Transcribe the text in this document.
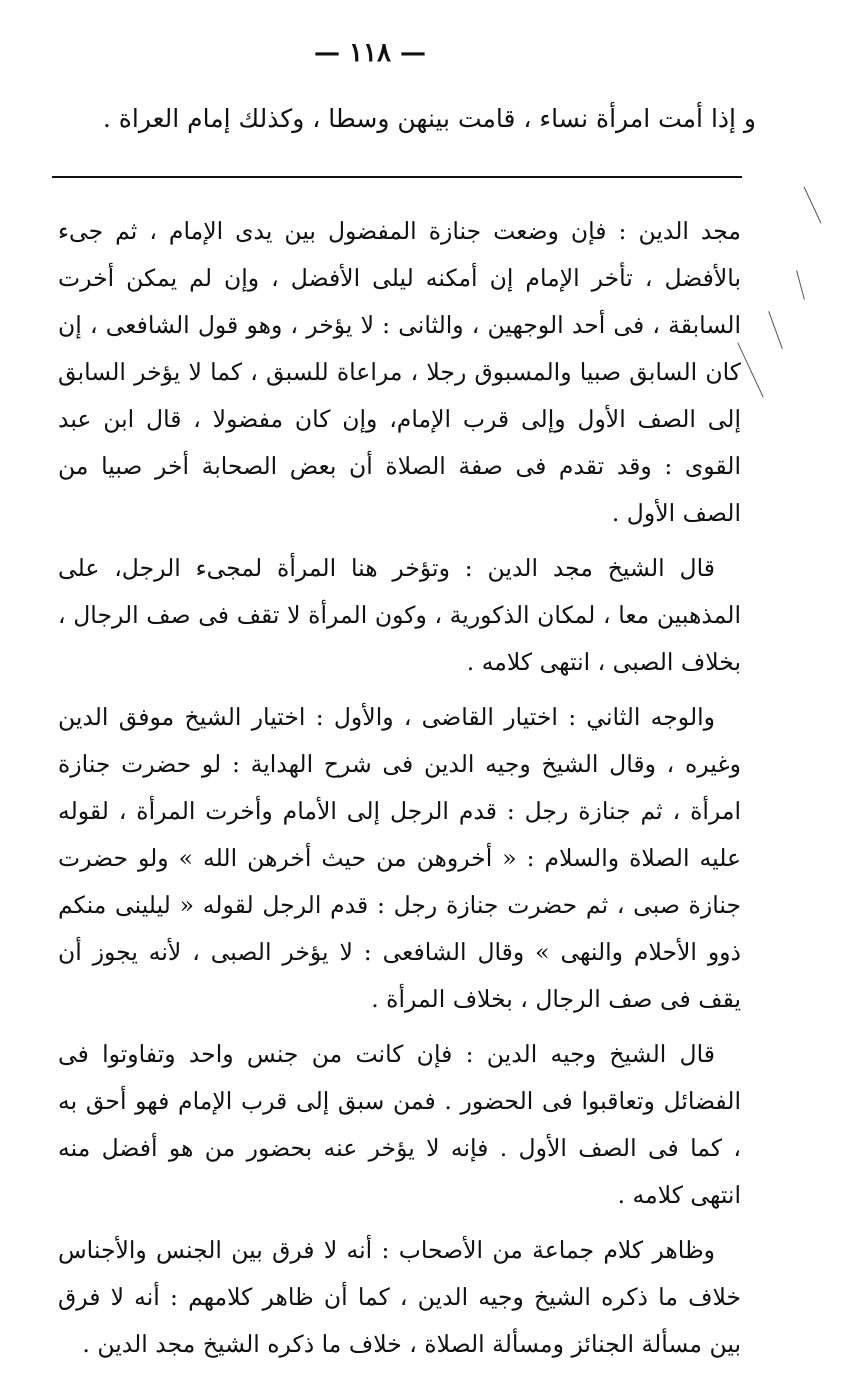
— ١١٨ —
و إذا أمت امرأة نساء ، قامت بينهن وسطا ، وكذلك إمام العراة .

مجد الدين : فإن وضعت جنازة المفضول بين يدى الإمام ، ثم جىء بالأفضل ، تأخر الإمام إن أمكنه ليلى الأفضل ، وإن لم يمكن أخرت السابقة ، فى أحد الوجهين ، والثانى : لا يؤخر ، وهو قول الشافعى ، إن كان السابق صبيا والمسبوق رجلا ، مراعاة للسبق ، كما لا يؤخر السابق إلى الصف الأول وإلى قرب الإمام، وإن كان مفضولا ، قال ابن عبد القوى : وقد تقدم فى صفة الصلاة أن بعض الصحابة أخر صبيا من الصف الأول .

قال الشيخ مجد الدين : وتؤخر هنا المرأة لمجىء الرجل، على المذهبين معا ، لمكان الذكورية ، وكون المرأة لا تقف فى صف الرجال ، بخلاف الصبى ، انتهى كلامه .

والوجه الثاني : اختيار القاضى ، والأول : اختيار الشيخ موفق الدين وغيره ، وقال الشيخ وجيه الدين فى شرح الهداية : لو حضرت جنازة امرأة ، ثم جنازة رجل : قدم الرجل إلى الأمام وأخرت المرأة ، لقوله عليه الصلاة والسلام : « أخروهن من حيث أخرهن الله » ولو حضرت جنازة صبى ، ثم حضرت جنازة رجل : قدم الرجل لقوله « ليلينى منكم ذوو الأحلام والنهى » وقال الشافعى : لا يؤخر الصبى ، لأنه يجوز أن يقف فى صف الرجال ، بخلاف المرأة .

قال الشيخ وجيه الدين : فإن كانت من جنس واحد وتفاوتوا فى الفضائل وتعاقبوا فى الحضور . فمن سبق إلى قرب الإمام فهو أحق به ، كما فى الصف الأول . فإنه لا يؤخر عنه بحضور من هو أفضل منه انتهى كلامه .

وظاهر كلام جماعة من الأصحاب : أنه لا فرق بين الجنس والأجناس خلاف ما ذكره الشيخ وجيه الدين ، كما أن ظاهر كلامهم : أنه لا فرق بين مسألة الجنائز ومسألة الصلاة ، خلاف ما ذكره الشيخ مجد الدين .
